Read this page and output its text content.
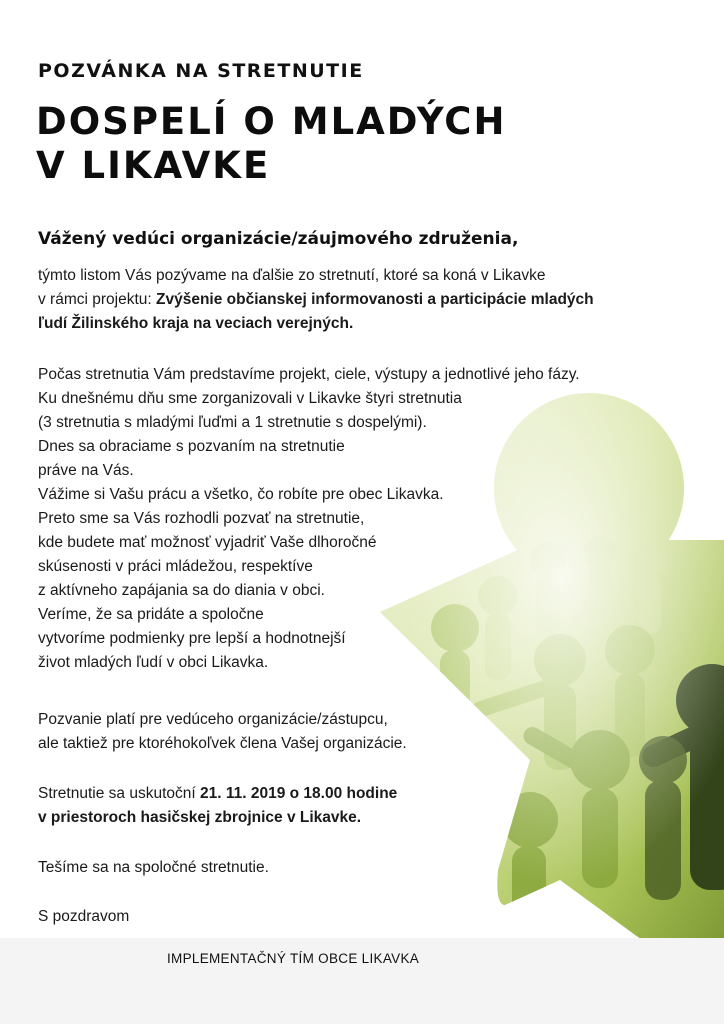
POZVÁNKA NA STRETNUTIE
DOSPELÍ O MLADÝCH
V LIKAVKE
Vážený vedúci organizácie/záujmového združenia,
týmto listom Vás pozývame na ďalšie zo stretnutí, ktoré sa koná v Likavke
v rámci projektu: Zvýšenie občianskej informovanosti a participácie mladých
ľudí Žilinského kraja na veciach verejných.
Počas stretnutia Vám predstavíme projekt, ciele, výstupy a jednotlivé jeho fázy.
Ku dnešnému dňu sme zorganizovali v Likavke štyri stretnutia
(3 stretnutia s mladými ľuďmi a 1 stretnutie s dospelými).
Dnes sa obraciame s pozvaním na stretnutie
práve na Vás.
Vážime si Vašu prácu a všetko, čo robíte pre obec Likavka.
Preto sme sa Vás rozhodli pozvať na stretnutie,
kde budete mať možnosť vyjadriť Vaše dlhoročné
skúsenosti v práci mládežou, respektíve
z aktívneho zapájania sa do diania v obci.
Veríme, že sa pridáte a spoločne
vytvoríme podmienky pre lepší a hodnotnejší
život mladých ľudí v obci Likavka.
Pozvanie platí pre vedúceho organizácie/zástupcu,
ale taktiež pre ktoréhokoľvek člena Vašej organizácie.
Stretnutie sa uskutoční 21. 11. 2019 o 18.00 hodine
v priestoroch hasičskej zbrojnice v Likavke.
Tešíme sa na spoločné stretnutie.
S pozdravom
IMPLEMENTAČNÝ TÍM OBCE LIKAVKA
